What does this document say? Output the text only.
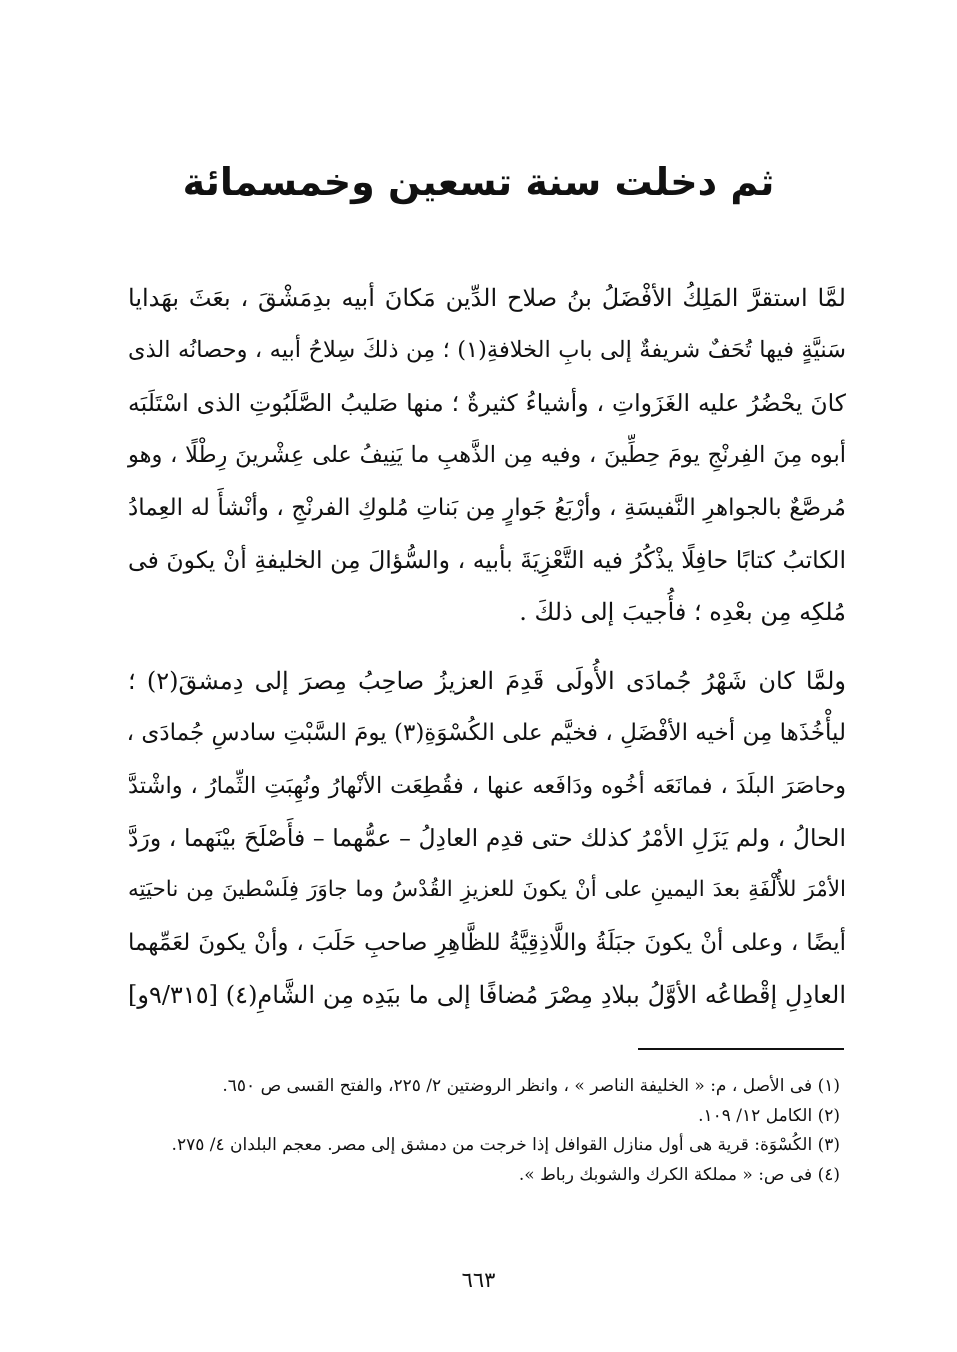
ثم دخلت سنة تسعين وخمسمائة
لمَّا استقرَّ المَلِكُ الأفْضَلُ بنُ صلاح الدِّين مَكانَ أبيه بدِمَشْقَ ، بعَثَ بهَدايا
سَنيَّةٍ فيها تُحَفٌ شريفةٌ إلى بابِ الخلافةِ(١) ؛ مِن ذلكَ سِلاحُ أبيه ، وحصانُه الذى
كانَ يحْضُرُ عليه الغَزَواتِ ، وأشياءُ كثيرةٌ ؛ منها صَليبُ الصَّلَبُوتِ الذى اسْتَلَبَه
أبوه مِنَ الفِرنْجِ يومَ حِطِّينَ ، وفيه مِن الذَّهبِ ما يَنِيفُ على عِشْرينَ رِطْلًا ، وهو
مُرصَّعٌ بالجواهرِ النَّفيسَةِ ، وأرْبَعُ جَوارٍ مِن بَناتِ مُلوكِ الفرنْجِ ، وأنْشأَ له العِمادُ
الكاتبُ كتابًا حافِلًا يذْكُرُ فيه التَّعْزِيَةَ بأبيه ، والسُّؤالَ مِن الخليفةِ أنْ يكونَ فى
مُلكِه مِن بعْدِه ؛ فأُجيبَ إلى ذلكَ .
ولمَّا كان شَهْرُ جُمادَى الأُولَى قَدِمَ العزيزُ صاحِبُ مِصرَ إلى دِمشقَ(٢) ؛
ليأْخُذَها مِن أخيه الأفْضَلِ ، فخيَّم على الكُسْوَةِ(٣) يومَ السَّبْتِ سادسِ جُمادَى ،
وحاصَرَ البلَدَ ، فمانَعَه أخُوه ودَافَعه عنها ، فقُطِعَت الأنْهارُ ونُهِبَتِ الثِّمارُ ، واشْتدَّ
الحالُ ، ولم يَزَلِ الأمْرُ كذلك حتى قدِم العادِلُ – عمُّهما – فأَصْلَحَ بيْنَهما ، ورَدَّ
الأمْرَ للأُلْفَةِ بعدَ اليمينِ على أنْ يكونَ للعزيزِ القُدْسُ وما جاوَرَ فِلَسْطينَ مِن ناحيَتِه
أيضًا ، وعلى أنْ يكونَ جبَلَةُ واللَّاذِقِيَّةُ للظَّاهِرِ صاحبِ حَلَبَ ، وأنْ يكونَ لعَمِّهما
العادِلِ إقْطاعُه الأوَّلُ ببلادِ مِصْرَ مُضافًا إلى ما بيَدِه مِن الشَّامِ(٤) [٩/٣١٥و]
(١) فى الأصل ، م: « الخليفة الناصر » ، وانظر الروضتين ٢/ ٢٢٥، والفتح القسى ص ٦٥٠.
(٢) الكامل ١٢/ ١٠٩.
(٣) الكُسْوَة: قرية هى أول منازل القوافل إذا خرجت من دمشق إلى مصر. معجم البلدان ٤/ ٢٧٥.
(٤) فى ص: « مملكة الكرك والشوبك رباط ».
٦٦٣
